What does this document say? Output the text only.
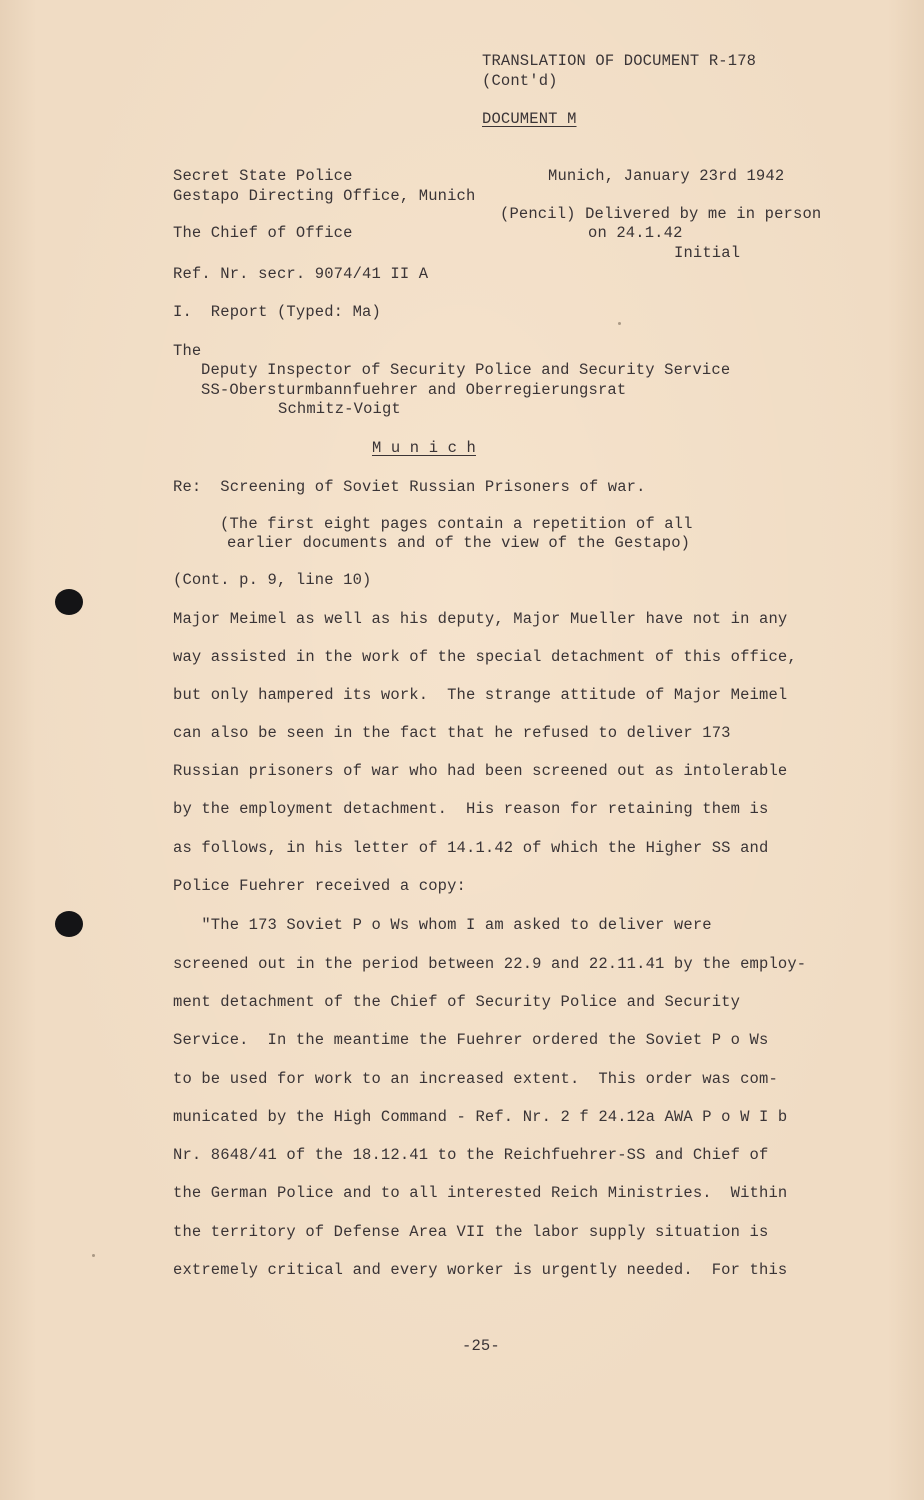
TRANSLATION OF DOCUMENT R-178
(Cont'd)
DOCUMENT M
Secret State Police
Gestapo Directing Office, Munich
The Chief of Office
Munich, January 23rd 1942
(Pencil) Delivered by me in person
on 24.1.42
Initial
Ref. Nr. secr. 9074/41 II A
I.  Report (Typed: Ma)
The
Deputy Inspector of Security Police and Security Service
SS-Obersturmbannfuehrer and Oberregierungsrat
Schmitz-Voigt
M u n i c h
Re:  Screening of Soviet Russian Prisoners of war.
(The first eight pages contain a repetition of all
earlier documents and of the view of the Gestapo)
(Cont. p. 9, line 10)
Major Meimel as well as his deputy, Major Mueller have not in any
way assisted in the work of the special detachment of this office,
but only hampered its work.  The strange attitude of Major Meimel
can also be seen in the fact that he refused to deliver 173
Russian prisoners of war who had been screened out as intolerable
by the employment detachment.  His reason for retaining them is
as follows, in his letter of 14.1.42 of which the Higher SS and
Police Fuehrer received a copy:
"The 173 Soviet P o Ws whom I am asked to deliver were
screened out in the period between 22.9 and 22.11.41 by the employ-
ment detachment of the Chief of Security Police and Security
Service.  In the meantime the Fuehrer ordered the Soviet P o Ws
to be used for work to an increased extent.  This order was com-
municated by the High Command - Ref. Nr. 2 f 24.12a AWA P o W I b
Nr. 8648/41 of the 18.12.41 to the Reichfuehrer-SS and Chief of
the German Police and to all interested Reich Ministries.  Within
the territory of Defense Area VII the labor supply situation is
extremely critical and every worker is urgently needed.  For this
-25-
